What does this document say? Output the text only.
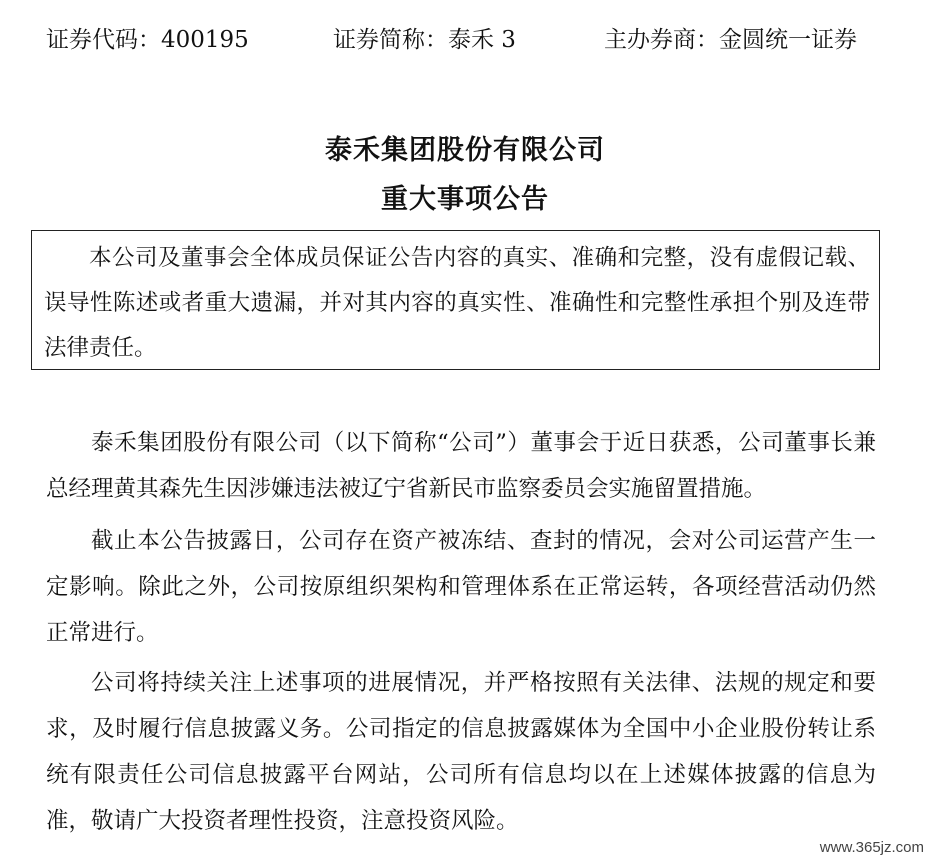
证券代码：400195	证券简称：泰禾 3	主办券商：金圆统一证券
泰禾集团股份有限公司
重大事项公告

本公司及董事会全体成员保证公告内容的真实、准确和完整，没有虚假记载、误导性陈述或者重大遗漏，并对其内容的真实性、准确性和完整性承担个别及连带法律责任。

泰禾集团股份有限公司（以下简称“公司”）董事会于近日获悉，公司董事长兼总经理黄其森先生因涉嫌违法被辽宁省新民市监察委员会实施留置措施。

截止本公告披露日，公司存在资产被冻结、查封的情况，会对公司运营产生一定影响。除此之外，公司按原组织架构和管理体系在正常运转，各项经营活动仍然正常进行。

公司将持续关注上述事项的进展情况，并严格按照有关法律、法规的规定和要求，及时履行信息披露义务。公司指定的信息披露媒体为全国中小企业股份转让系统有限责任公司信息披露平台网站，公司所有信息均以在上述媒体披露的信息为准，敬请广大投资者理性投资，注意投资风险。

www.365jz.com
